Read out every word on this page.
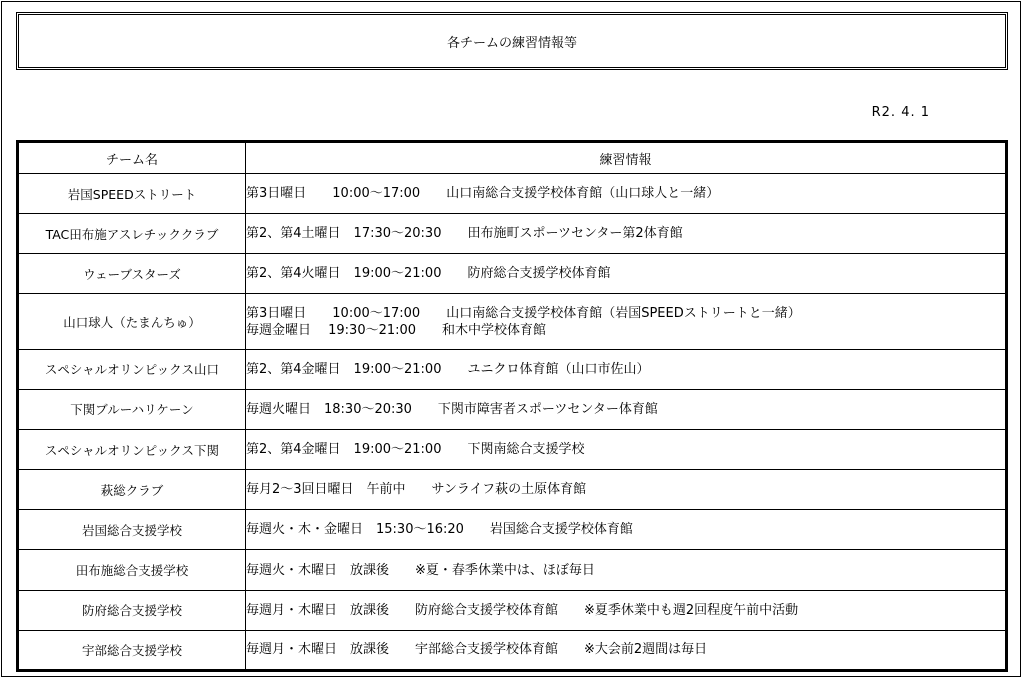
各チームの練習情報等
R2. 4. 1
チーム名	練習情報
岩国SPEEDストリート	第3日曜日　　10:00～17:00　　山口南総合支援学校体育館（山口球人と一緒）

TAC田布施アスレチッククラブ	第2、第4土曜日　17:30～20:30　　田布施町スポーツセンター第2体育館

ウェーブスターズ	第2、第4火曜日　19:00～21:00　　防府総合支援学校体育館

山口球人（たまんちゅ）	第3日曜日　　10:00～17:00　　山口南総合支援学校体育館（岩国SPEEDストリートと一緒）
毎週金曜日　 19:30～21:00　　和木中学校体育館

スペシャルオリンピックス山口	第2、第4金曜日　19:00～21:00　　ユニクロ体育館（山口市佐山）

下関ブルーハリケーン	毎週火曜日　18:30～20:30　　下関市障害者スポーツセンター体育館

スペシャルオリンピックス下関	第2、第4金曜日　19:00～21:00　　下関南総合支援学校

萩総クラブ	毎月2～3回日曜日　午前中　　サンライフ萩の土原体育館

岩国総合支援学校	毎週火・木・金曜日　15:30～16:20　　岩国総合支援学校体育館

田布施総合支援学校	毎週火・木曜日　放課後　　※夏・春季休業中は、ほぼ毎日

防府総合支援学校	毎週月・木曜日　放課後　　防府総合支援学校体育館　　※夏季休業中も週2回程度午前中活動

宇部総合支援学校	毎週月・木曜日　放課後　　宇部総合支援学校体育館　　※大会前2週間は毎日
